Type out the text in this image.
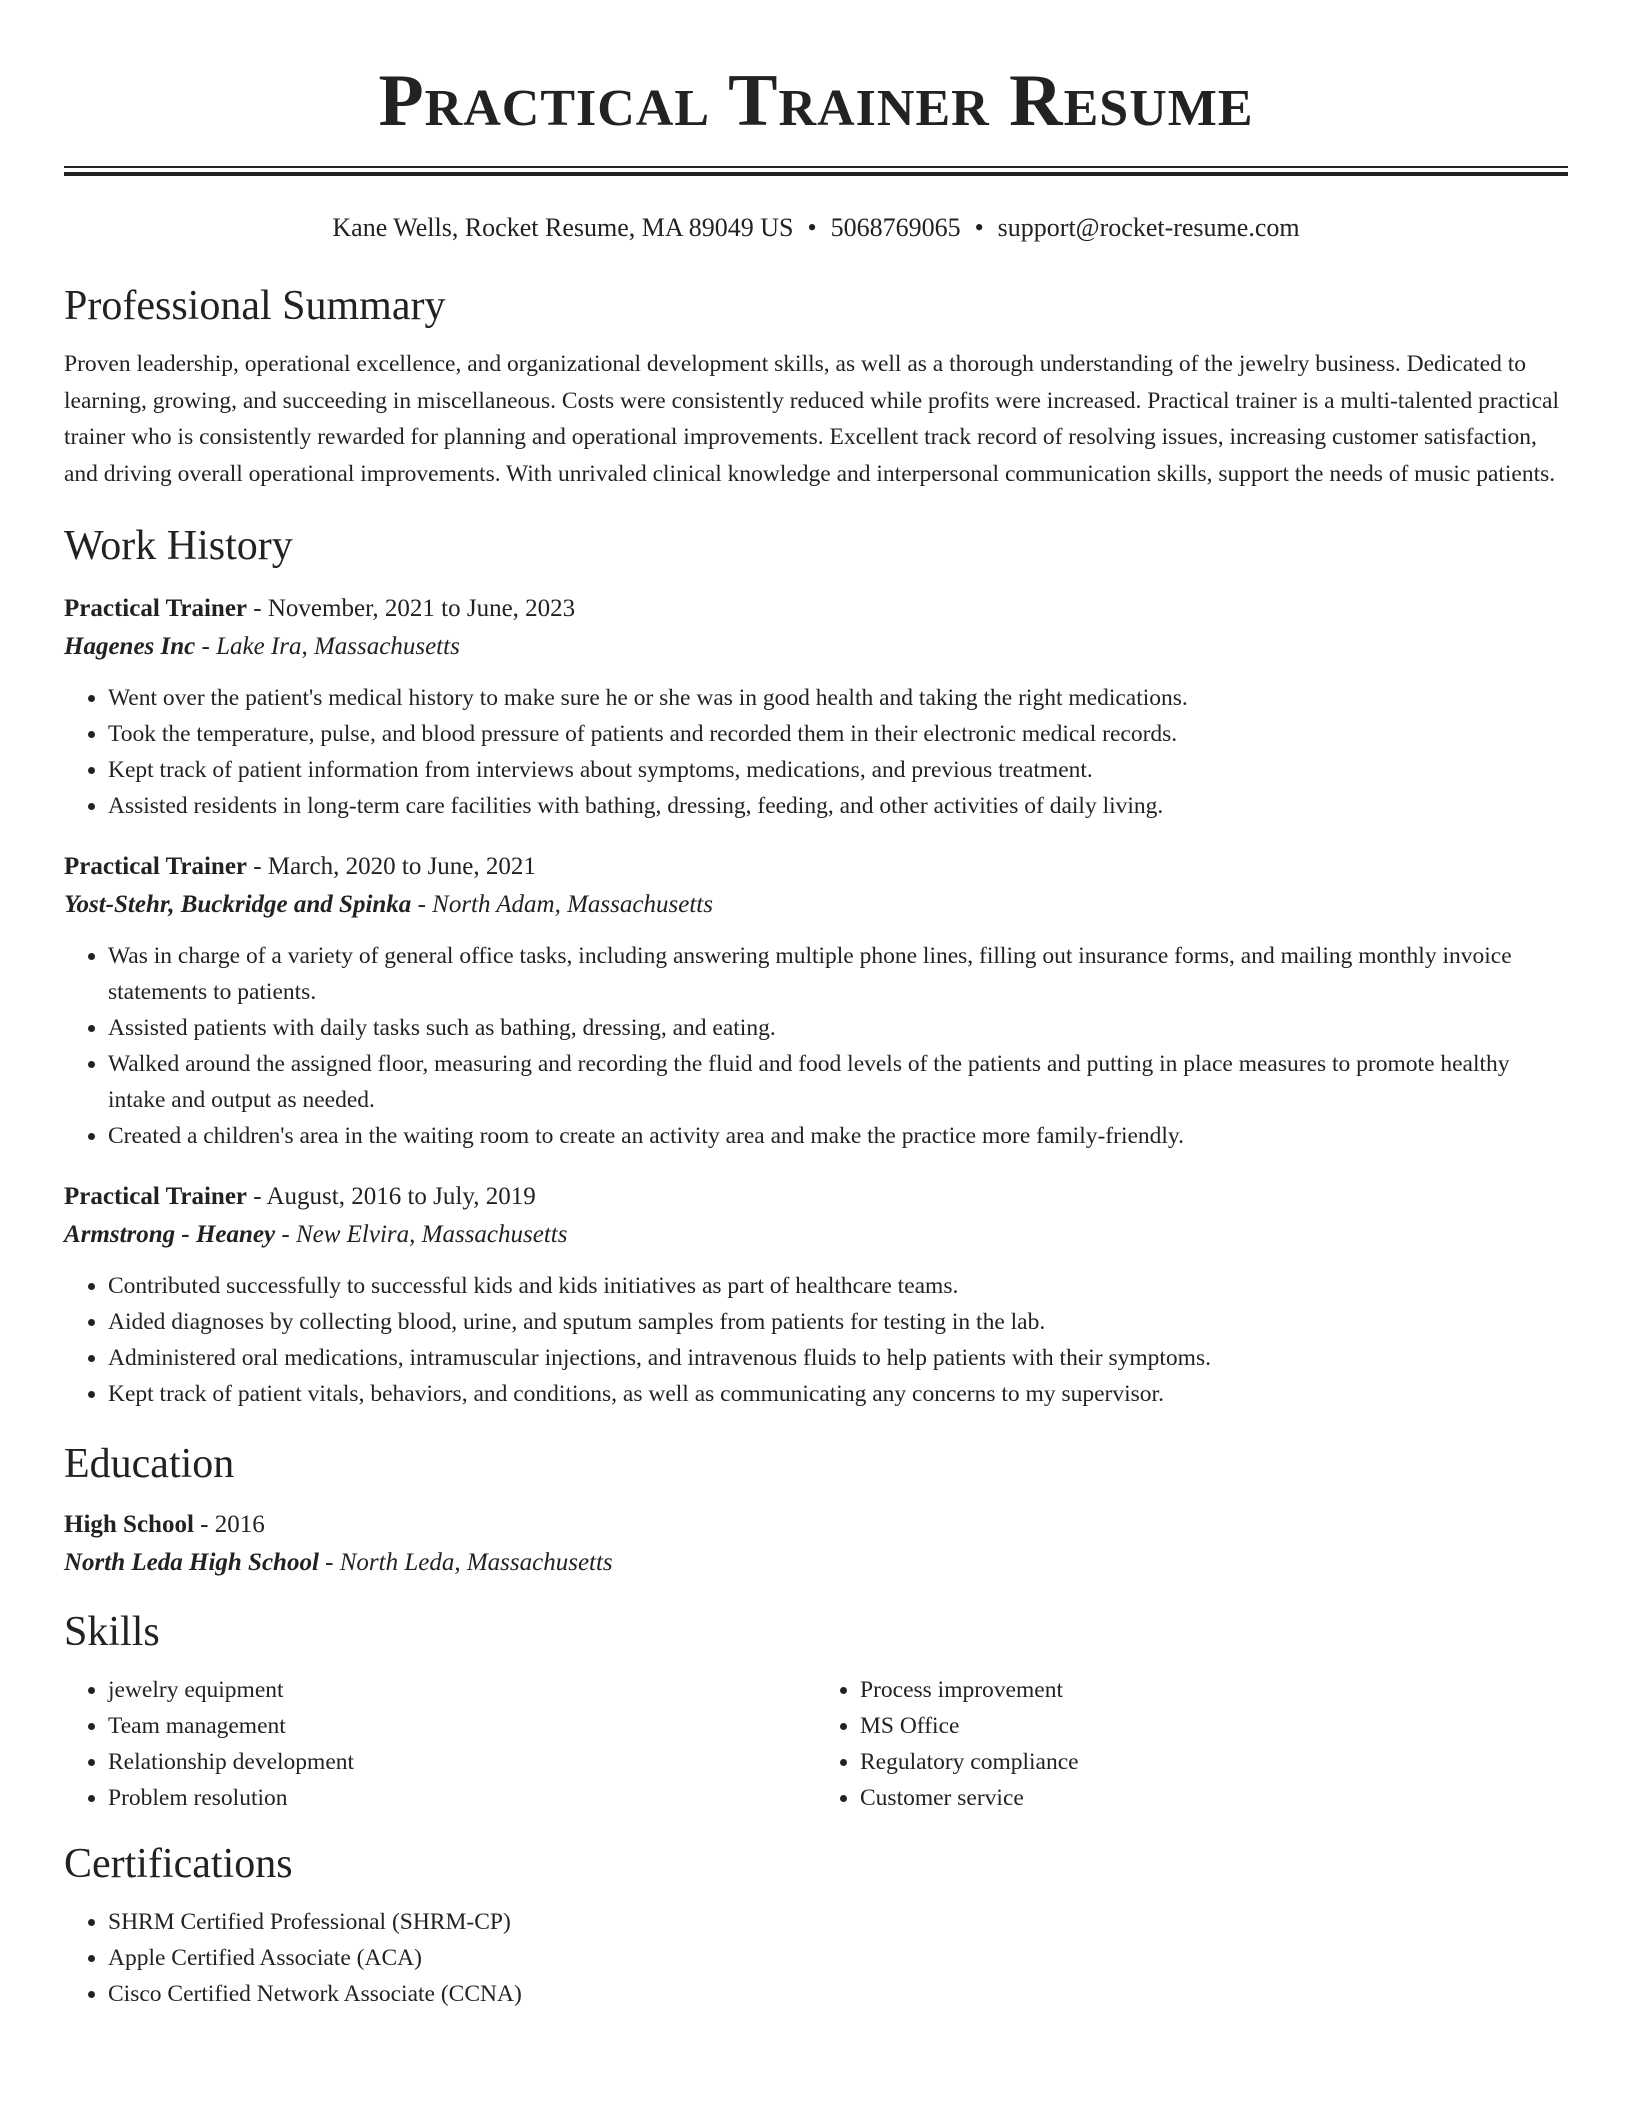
Practical Trainer Resume
Kane Wells, Rocket Resume, MA 89049 US • 5068769065 • support@rocket-resume.com
Professional Summary

Proven leadership, operational excellence, and organizational development skills, as well as a thorough understanding of the jewelry business. Dedicated to learning, growing, and succeeding in miscellaneous. Costs were consistently reduced while profits were increased. Practical trainer is a multi-talented practical trainer who is consistently rewarded for planning and operational improvements. Excellent track record of resolving issues, increasing customer satisfaction, and driving overall operational improvements. With unrivaled clinical knowledge and interpersonal communication skills, support the needs of music patients.

Work History
Practical Trainer - November, 2021 to June, 2023
Hagenes Inc - Lake Ira, Massachusetts
• Went over the patient's medical history to make sure he or she was in good health and taking the right medications.
• Took the temperature, pulse, and blood pressure of patients and recorded them in their electronic medical records.
• Kept track of patient information from interviews about symptoms, medications, and previous treatment.
• Assisted residents in long-term care facilities with bathing, dressing, feeding, and other activities of daily living.
Practical Trainer - March, 2020 to June, 2021
Yost-Stehr, Buckridge and Spinka - North Adam, Massachusetts
• Was in charge of a variety of general office tasks, including answering multiple phone lines, filling out insurance forms, and mailing monthly invoice statements to patients.
• Assisted patients with daily tasks such as bathing, dressing, and eating.
• Walked around the assigned floor, measuring and recording the fluid and food levels of the patients and putting in place measures to promote healthy intake and output as needed.
• Created a children's area in the waiting room to create an activity area and make the practice more family-friendly.
Practical Trainer - August, 2016 to July, 2019
Armstrong - Heaney - New Elvira, Massachusetts
• Contributed successfully to successful kids and kids initiatives as part of healthcare teams.
• Aided diagnoses by collecting blood, urine, and sputum samples from patients for testing in the lab.
• Administered oral medications, intramuscular injections, and intravenous fluids to help patients with their symptoms.
• Kept track of patient vitals, behaviors, and conditions, as well as communicating any concerns to my supervisor.
Education
High School - 2016
North Leda High School - North Leda, Massachusetts
Skills
• jewelry equipment
• Team management
• Relationship development
• Problem resolution
• Process improvement
• MS Office
• Regulatory compliance
• Customer service
Certifications
• SHRM Certified Professional (SHRM-CP)
• Apple Certified Associate (ACA)
• Cisco Certified Network Associate (CCNA)
